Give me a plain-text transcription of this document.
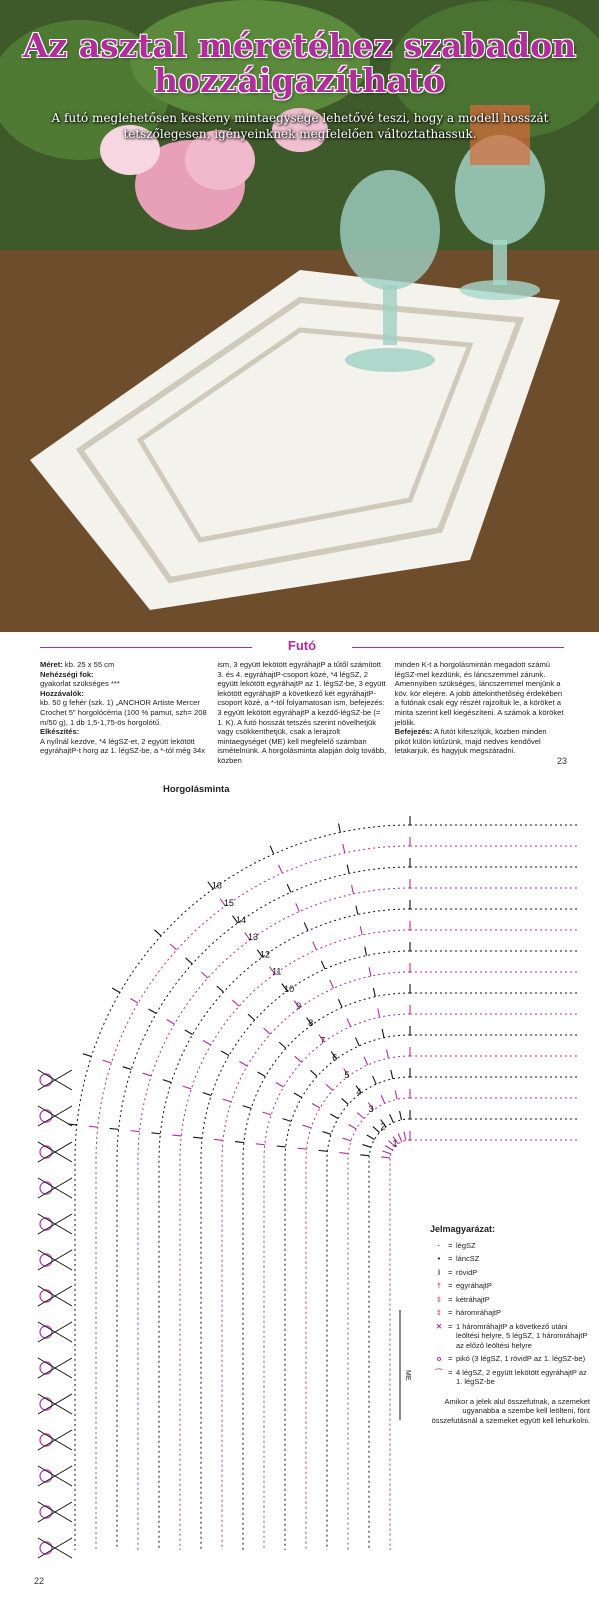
Az asztal méretéhez szabadon
hozzáigazítható
A futó meglehetősen keskeny mintaegysége lehetővé teszi, hogy a modell hosszát tetszőlegesen, igényeinknek megfelelően változtathassuk.
Futó
Méret: kb. 25 x 55 cm
Nehézségi fok:
gyakorlat szükséges ***
Hozzávalók:
kb. 50 g fehér (szk. 1) „ANCHOR Artiste Mercer Crochet 5" horgolócérna (100 % pamut, szh= 208 m/50 g), 1 db 1,5-1,75-ös horgolótű.
Elkészítés:
A nyílnál kezdve, *4 légSZ-et, 2 együtt lekötött egyráhajtP-t horg az 1. légSZ-be, a *-tól még 34x
ism, 3 együtt lekötött egyráhajtP a tűtől számított 3. és 4. egyráhajtP-csoport közé, *4 légSZ, 2 együtt lekötött egyráhajtP az 1. légSZ-be, 3 együtt lekötött egyráhajtP a következő két egyráhajtP-csoport közé, a *-tól folyamatosan ism, befejezés: 3 együtt lekötött egyráhajtP a kezdő-légSZ-be (= 1. K). A futó hosszát tetszés szerint növelhetjük vagy csökkenthetjük, csak a lerajzolt mintaegységet (ME) kell megfelelő számban ismételnünk. A horgolásminta alapján dolg tovább, közben
minden K-t a horgolásmintán megadott számú légSZ-mel kezdünk, és láncszemmel zárunk. Amennyiben szükséges, láncszemmel menjünk a köv. kör elejére. A jobb áttekinthetőség érdekében a futónak csak egy részét rajzoltuk le, a köröket a minta szerint kell kiegészíteni. A számok a köröket jelölik.
Befejezés: A futót kifeszítjük, közben minden pikót külön kitűzünk, majd nedves kendővel letakarjuk, és hagyjuk megszáradni.
23
Horgolásminta
16
15
14
13
12
11
10
9
8
7
6
5
4
3
2
1
ME
Jelmagyarázat:
·	= légSZ
•	= láncSZ
ǀ	= rövidP
† = egyráhajtP
‡ = kétráhajtP
‡ = háromráhajtP
✕ = 1 háromráhajtP a következő utáni leöltési helyre, 5 légSZ, 1 háromráhajtP az előző leöltési helyre
o = pikó (3 légSZ, 1 rövidP az 1. légSZ-be)
⌒ = 4 légSZ, 2 együtt lekötött egyráhajtP az 1. légSZ-be
Amikor a jelek alul összefutnak, a szemeket ugyanabba a szembe kell leölteni, fönt összefutásnál a szemeket együtt kell lehurkolni.
22
